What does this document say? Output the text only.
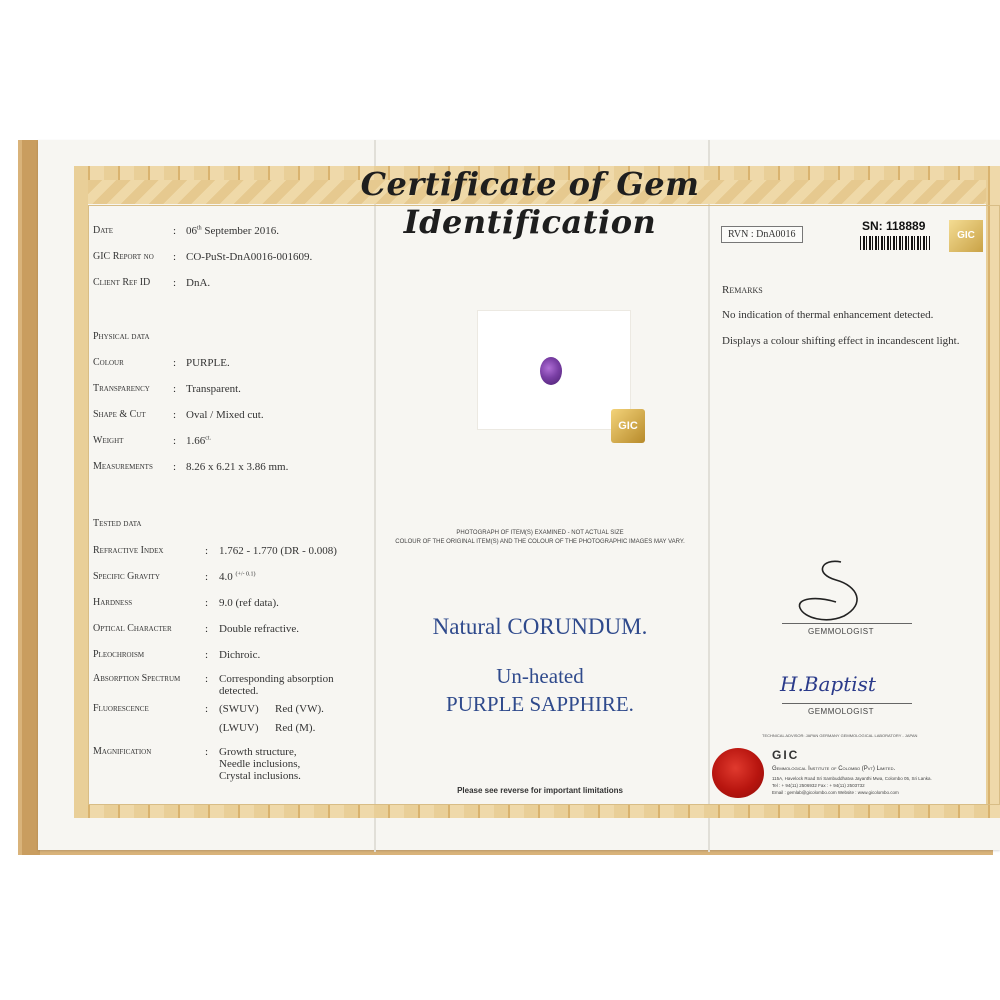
Certificate of Gem Identification
Date	: 06th September 2016.
GIC Report no : CO-PuSt-DnA0016-001609.
Client Ref ID : DnA.
Physical data
Colour	: PURPLE.
Transparency : Transparent.
Shape & Cut : Oval / Mixed cut.
Weight	: $1.66^{ct.}$
Measurements : 8.26 x 6.21 x 3.86 mm.
Tested data
Refractive Index	: 1.762 - 1.770 (DR - 0.008)
Specific Gravity	: 4.0 $^{(+/- 0.1)}$
Hardness	: 9.0 (ref data).
Optical Character	: Double refractive.
Pleochroism	: Dichroic.
Absorption Spectrum : Corresponding absorption
detected.
Fluorescence	: (SWUV) Red (VW).
(LWUV) Red (M).
Magnification	: Growth structure,
Needle inclusions,
Crystal inclusions.
GIC
PHOTOGRAPH OF ITEM(S) EXAMINED - NOT ACTUAL SIZE
COLOUR OF THE ORIGINAL ITEM(S) AND THE COLOUR OF THE PHOTOGRAPHIC IMAGES MAY VARY.
Natural CORUNDUM.
Un-heated
PURPLE SAPPHIRE.
Please see reverse for important limitations
RVN : DnA0016
SN: 118889
GIC
Remarks
No indication of thermal enhancement detected.
Displays a colour shifting effect in incandescent light.
GEMMOLOGIST
H.Baptist
GEMMOLOGIST
TECHNICAL ADVISOR: JAPAN GERMANY GEMMOLOGICAL LABORATORY - JAPAN
GIC
Gemmological Institute of Colombo (Pvt) Limited.
115A, Havelock Road Sri Sambuddhatva Jayanthi Mwa, Colombo 05, Sri Lanka.
Tel : + 94(11) 2506932 Fax : + 94(11) 2503732
Email : gemlab@gicolombo.com Website : www.gicolombo.com
